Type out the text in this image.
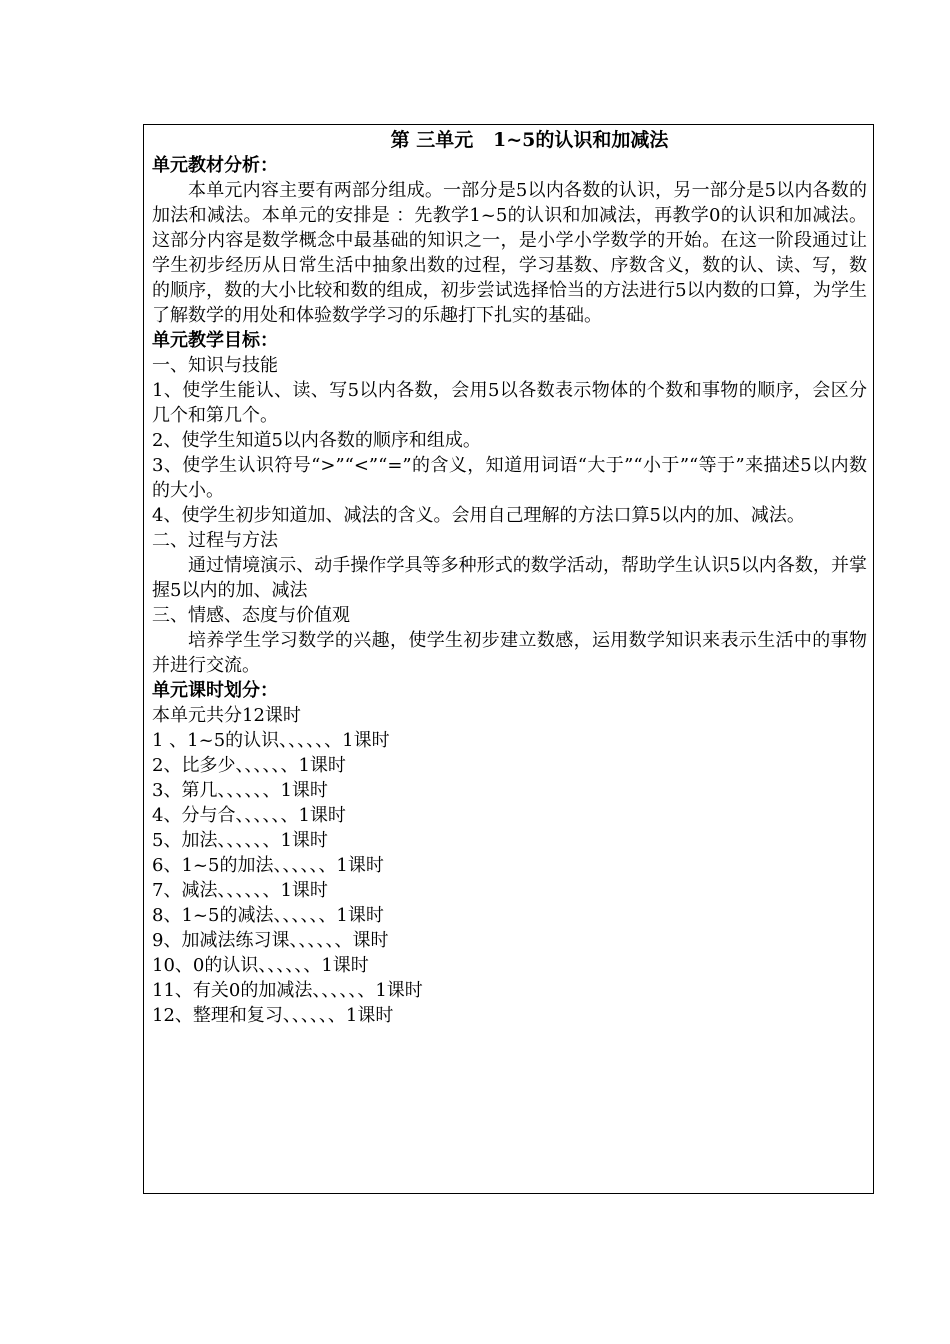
第 三单元   1~5的认识和加减法
单元教材分析：

本单元内容主要有两部分组成。一部分是5以内各数的认识，另一部分是5以内各数的加法和减法。本单元的安排是 ：先教学1~5的认识和加减法，再教学0的认识和加减法。这部分内容是数学概念中最基础的知识之一，是小学小学数学的开始。在这一阶段通过让学生初步经历从日常生活中抽象出数的过程，学习基数、序数含义，数的认、读、写，数的顺序，数的大小比较和数的组成，初步尝试选择恰当的方法进行5以内数的口算，为学生了解数学的用处和体验数学学习的乐趣打下扎实的基础。

单元教学目标：
一、知识与技能

1、使学生能认、读、写5以内各数，会用5以各数表示物体的个数和事物的顺序，会区分几个和第几个。

2、使学生知道5以内各数的顺序和组成。

3、使学生认识符号“>”“<”“=”的含义，知道用词语“大于”“小于”“等于”来描述5以内数的大小。

4、使学生初步知道加、减法的含义。会用自己理解的方法口算5以内的加、减法。

二、过程与方法

通过情境演示、动手操作学具等多种形式的数学活动，帮助学生认识5以内各数，并掌握5以内的加、减法

三、情感、态度与价值观

培养学生学习数学的兴趣，使学生初步建立数感，运用数学知识来表示生活中的事物并进行交流。

单元课时划分：
本单元共分12课时
1 、1~5的认识、、、、、、1课时
2、比多少、、、、、、1课时
3、第几、、、、、、1课时
4、分与合、、、、、、1课时
5、加法、、、、、、1课时
6、1~5的加法、、、、、、1课时
7、减法、、、、、、1课时
8、1~5的减法、、、、、、1课时
9、加减法练习课、、、、、、课时
10、0的认识、、、、、、1课时
11、有关0的加减法、、、、、、1课时
12、整理和复习、、、、、、1课时
